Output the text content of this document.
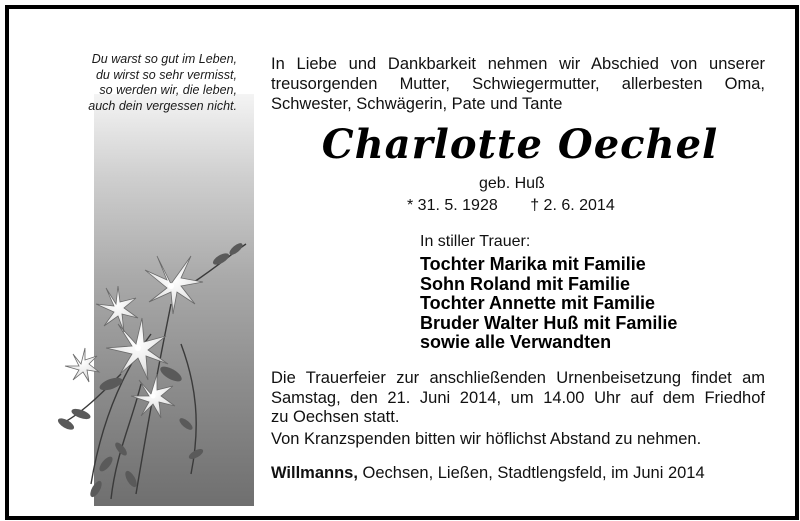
Du warst so gut im Leben,
du wirst so sehr vermisst,
so werden wir, die leben,
auch dein vergessen nicht.
In Liebe und Dankbarkeit nehmen wir Abschied von unserer
treusorgenden Mutter, Schwiegermutter, allerbesten Oma,
Schwester, Schwägerin, Pate und Tante
Charlotte Oechel
geb. Huß
* 31. 5. 1928 † 2. 6. 2014
In stiller Trauer:
Tochter Marika mit Familie
Sohn Roland mit Familie
Tochter Annette mit Familie
Bruder Walter Huß mit Familie
sowie alle Verwandten
Die Trauerfeier zur anschließenden Urnenbeisetzung findet am
Samstag, den 21. Juni 2014, um 14.00 Uhr auf dem Friedhof
zu Oechsen statt.
Von Kranzspenden bitten wir höflichst Abstand zu nehmen.
Willmanns, Oechsen, Ließen, Stadtlengsfeld, im Juni 2014
